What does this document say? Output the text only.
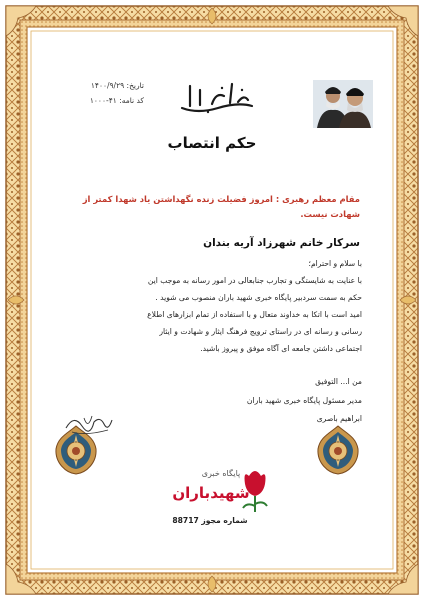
تاریخ: ۱۴۰۰/۹/۲۹
کد نامه: ۴۱-۱۰۰۰
حکم انتصاب
مقام معظم رهبری : امروز فضیلت زنده نگهداشتن یاد شهدا کمتر از شهادت نیست.
سرکار خانم شهرزاد آریه بندان

با سلام و احترام؛

با عنایت به شایستگی و تجارب جنابعالی در امور رسانه به موجب این

حکم به سمت سردبیر پایگاه خبری شهید باران منصوب می شوید .

امید است با اتکا به خداوند متعال و با استفاده از تمام ابزارهای اطلاع

رسانی و رسانه ای در راستای ترویج فرهنگ ایثار و شهادت و ایثار

اجتماعی داشتن جامعه ای آگاه موفق و پیروز باشید.

من ا... التوفیق

مدیر مسئول پایگاه خبری شهید باران

ابراهیم باصری

پایگاه خبری
شهیدباران
شماره مجوز 88717
